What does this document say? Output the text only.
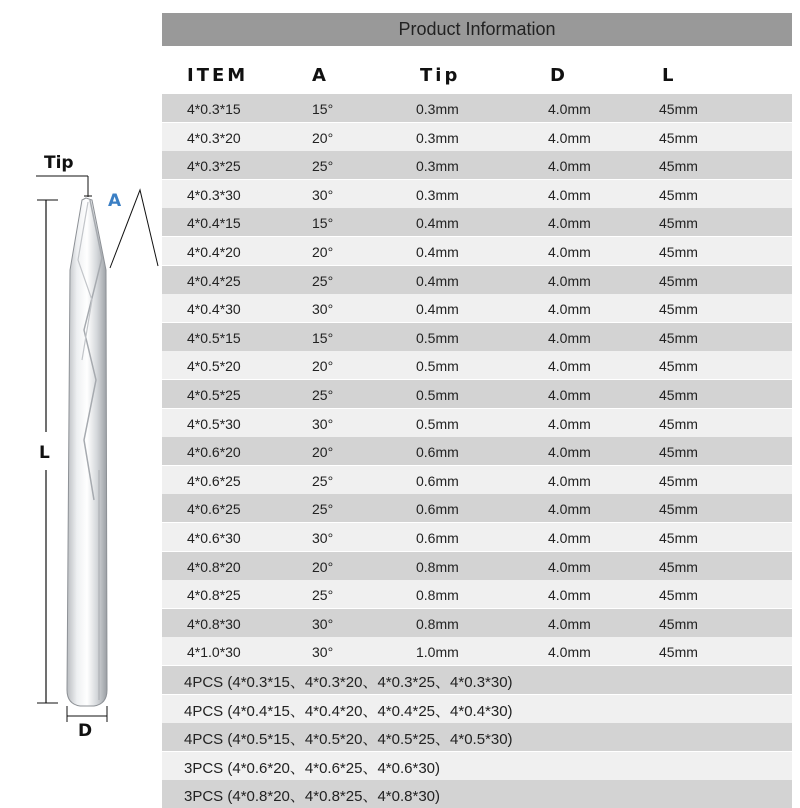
Tip
A
L
D
Product Information
ITEM	A	Tip	D	L
4*0.3*15	15°	0.3mm	4.0mm	45mm
4*0.3*20	20°	0.3mm	4.0mm	45mm
4*0.3*25	25°	0.3mm	4.0mm	45mm
4*0.3*30	30°	0.3mm	4.0mm	45mm
4*0.4*15	15°	0.4mm	4.0mm	45mm
4*0.4*20	20°	0.4mm	4.0mm	45mm
4*0.4*25	25°	0.4mm	4.0mm	45mm
4*0.4*30	30°	0.4mm	4.0mm	45mm
4*0.5*15	15°	0.5mm	4.0mm	45mm
4*0.5*20	20°	0.5mm	4.0mm	45mm
4*0.5*25	25°	0.5mm	4.0mm	45mm
4*0.5*30	30°	0.5mm	4.0mm	45mm
4*0.6*20	20°	0.6mm	4.0mm	45mm
4*0.6*25	25°	0.6mm	4.0mm	45mm
4*0.6*25	25°	0.6mm	4.0mm	45mm
4*0.6*30	30°	0.6mm	4.0mm	45mm
4*0.8*20	20°	0.8mm	4.0mm	45mm
4*0.8*25	25°	0.8mm	4.0mm	45mm
4*0.8*30	30°	0.8mm	4.0mm	45mm
4*1.0*30	30°	1.0mm	4.0mm	45mm
4PCS (4*0.3*15、4*0.3*20、4*0.3*25、4*0.3*30)
4PCS (4*0.4*15、4*0.4*20、4*0.4*25、4*0.4*30)
4PCS (4*0.5*15、4*0.5*20、4*0.5*25、4*0.5*30)
3PCS (4*0.6*20、4*0.6*25、4*0.6*30)
3PCS (4*0.8*20、4*0.8*25、4*0.8*30)
